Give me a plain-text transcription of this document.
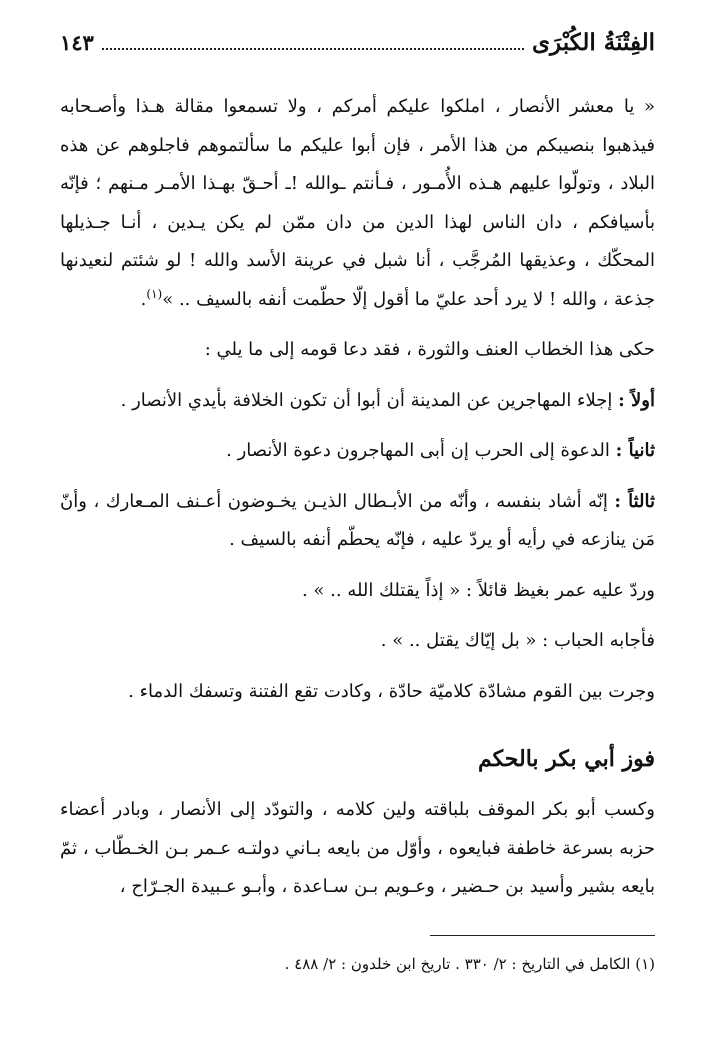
الفِتْنَةُ الكُبْرَى
١٤٣

« يا معشر الأنصار ، املكوا عليكم أمركم ، ولا تسمعوا مقالة هـذا وأصـحابه فيذهبوا بنصيبكم من هذا الأمر ، فإن أبوا عليكم ما سألتموهم فاجلوهم عن هذه البلاد ، وتولّوا عليهم هـذه الأُمـور ، فـأنتم ـوالله !ـ أحـقّ بهـذا الأمـر مـنهم ؛ فإنّه بأسيافكم ، دان الناس لهذا الدين من دان ممّن لم يكن يـدين ، أنـا جـذيلها المحكّك ، وعذيقها المُرجَّب ، أنا شبل في عرينة الأسد والله ! لو شئتم لنعيدنها جذعة ، والله ! لا يرد أحد عليّ ما أقول إلّا حطّمت أنفه بالسيف .. »$^{(١)}$.

حكى هذا الخطاب العنف والثورة ، فقد دعا قومه إلى ما يلي :

أولاً : إجلاء المهاجرين عن المدينة أن أبوا أن تكون الخلافة بأيدي الأنصار .

ثانياً : الدعوة إلى الحرب إن أبى المهاجرون دعوة الأنصار .

ثالثاً : إنّه أشاد بنفسه ، وأنّه من الأبـطال الذيـن يخـوضون أعـنف المـعارك ، وأنّ مَن ينازعه في رأيه أو يردّ عليه ، فإنّه يحطّم أنفه بالسيف .

وردّ عليه عمر بغيظ قائلاً : « إذاً يقتلك الله .. » .

فأجابه الحباب : « بل إيّاك يقتل .. » .

وجرت بين القوم مشادّة كلاميّة حادّة ، وكادت تقع الفتنة وتسفك الدماء .

فوز أبي بكر بالحكم

وكسب أبو بكر الموقف بلباقته ولين كلامه ، والتودّد إلى الأنصار ، وبادر أعضاء حزبه بسرعة خاطفة فبايعوه ، وأوّل من بايعه بـاني دولتـه عـمر بـن الخـطّاب ، ثمّ بايعه بشير وأسيد بن حـضير ، وعـويم بـن سـاعدة ، وأبـو عـبيدة الجـرّاح ،

(١) الكامل في التاريخ : ٢/ ٣٣٠ . تاريخ ابن خلدون : ٢/ ٤٨٨ .
